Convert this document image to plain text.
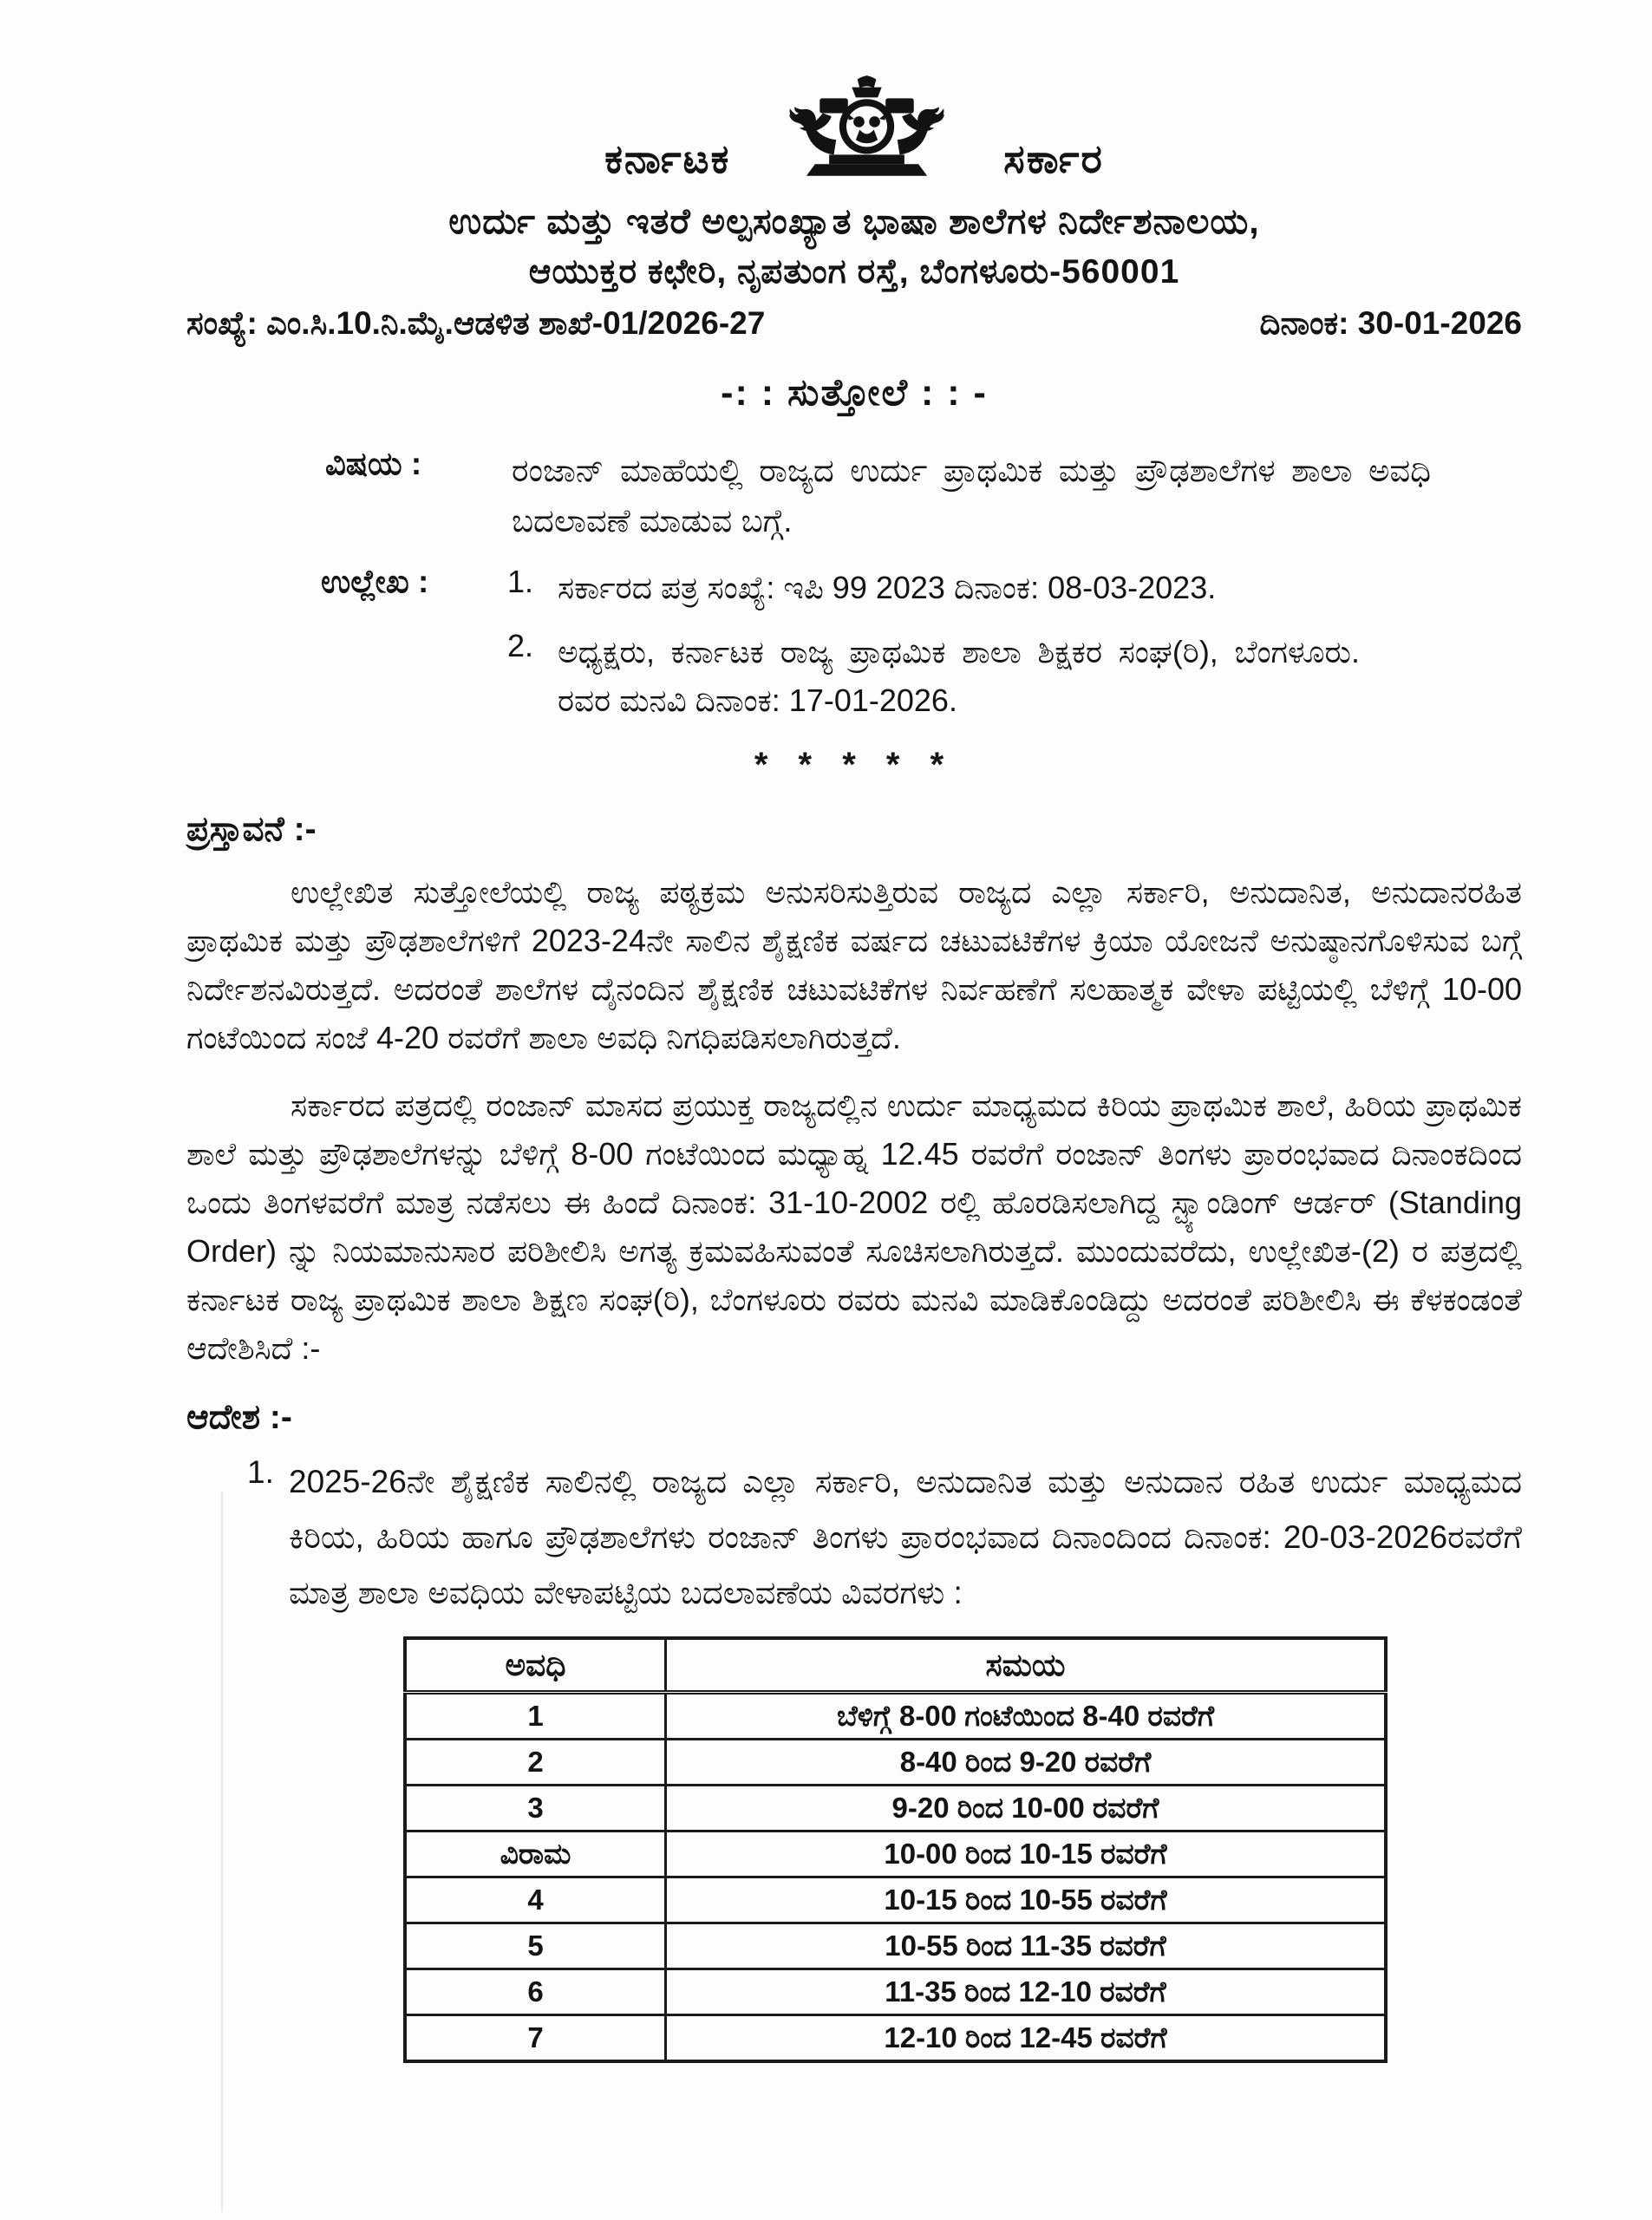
ಕರ್ನಾಟಕ	ಸರ್ಕಾರ
ಉರ್ದು ಮತ್ತು ಇತರೆ ಅಲ್ಪಸಂಖ್ಯಾತ ಭಾಷಾ ಶಾಲೆಗಳ ನಿರ್ದೇಶನಾಲಯ,
ಆಯುಕ್ತರ ಕಛೇರಿ, ನೃಪತುಂಗ ರಸ್ತೆ, ಬೆಂಗಳೂರು-560001
ಸಂಖ್ಯೆ: ಎಂ.ಸಿ.10.ನಿ.ಮೈ.ಆಡಳಿತ ಶಾಖೆ-01/2026-27	ದಿನಾಂಕ: 30-01-2026
-: : ಸುತ್ತೋಲೆ : : -
ವಿಷಯ :	ರಂಜಾನ್ ಮಾಹೆಯಲ್ಲಿ ರಾಜ್ಯದ ಉರ್ದು ಪ್ರಾಥಮಿಕ ಮತ್ತು ಪ್ರೌಢಶಾಲೆಗಳ ಶಾಲಾ ಅವಧಿ ಬದಲಾವಣೆ ಮಾಡುವ ಬಗ್ಗೆ.
ಉಲ್ಲೇಖ :	1. ಸರ್ಕಾರದ ಪತ್ರ ಸಂಖ್ಯೆ: ಇಪಿ 99 2023 ದಿನಾಂಕ: 08-03-2023.
2. ಅಧ್ಯಕ್ಷರು, ಕರ್ನಾಟಕ ರಾಜ್ಯ ಪ್ರಾಥಮಿಕ ಶಾಲಾ ಶಿಕ್ಷಕರ ಸಂಘ(ರಿ), ಬೆಂಗಳೂರು. ರವರ ಮನವಿ ದಿನಾಂಕ: 17-01-2026.
* * * * *
ಪ್ರಸ್ತಾವನೆ :-

ಉಲ್ಲೇಖಿತ ಸುತ್ತೋಲೆಯಲ್ಲಿ ರಾಜ್ಯ ಪಠ್ಯಕ್ರಮ ಅನುಸರಿಸುತ್ತಿರುವ ರಾಜ್ಯದ ಎಲ್ಲಾ ಸರ್ಕಾರಿ, ಅನುದಾನಿತ, ಅನುದಾನರಹಿತ ಪ್ರಾಥಮಿಕ ಮತ್ತು ಪ್ರೌಢಶಾಲೆಗಳಿಗೆ 2023-24ನೇ ಸಾಲಿನ ಶೈಕ್ಷಣಿಕ ವರ್ಷದ ಚಟುವಟಿಕೆಗಳ ಕ್ರಿಯಾ ಯೋಜನೆ ಅನುಷ್ಠಾನಗೊಳಿಸುವ ಬಗ್ಗೆ ನಿರ್ದೇಶನವಿರುತ್ತದೆ. ಅದರಂತೆ ಶಾಲೆಗಳ ದೈನಂದಿನ ಶೈಕ್ಷಣಿಕ ಚಟುವಟಿಕೆಗಳ ನಿರ್ವಹಣೆಗೆ ಸಲಹಾತ್ಮಕ ವೇಳಾ ಪಟ್ಟಿಯಲ್ಲಿ ಬೆಳಿಗ್ಗೆ 10-00 ಗಂಟೆಯಿಂದ ಸಂಜೆ 4-20 ರವರೆಗೆ ಶಾಲಾ ಅವಧಿ ನಿಗಧಿಪಡಿಸಲಾಗಿರುತ್ತದೆ.

ಸರ್ಕಾರದ ಪತ್ರದಲ್ಲಿ ರಂಜಾನ್ ಮಾಸದ ಪ್ರಯುಕ್ತ ರಾಜ್ಯದಲ್ಲಿನ ಉರ್ದು ಮಾಧ್ಯಮದ ಕಿರಿಯ ಪ್ರಾಥಮಿಕ ಶಾಲೆ, ಹಿರಿಯ ಪ್ರಾಥಮಿಕ ಶಾಲೆ ಮತ್ತು ಪ್ರೌಢಶಾಲೆಗಳನ್ನು ಬೆಳಿಗ್ಗೆ 8-00 ಗಂಟೆಯಿಂದ ಮಧ್ಯಾಹ್ನ 12.45 ರವರೆಗೆ ರಂಜಾನ್ ತಿಂಗಳು ಪ್ರಾರಂಭವಾದ ದಿನಾಂಕದಿಂದ ಒಂದು ತಿಂಗಳವರೆಗೆ ಮಾತ್ರ ನಡೆಸಲು ಈ ಹಿಂದೆ ದಿನಾಂಕ: 31-10-2002 ರಲ್ಲಿ ಹೊರಡಿಸಲಾಗಿದ್ದ ಸ್ಟ್ಯಾಂಡಿಂಗ್ ಆರ್ಡರ್ (Standing Order) ನ್ನು ನಿಯಮಾನುಸಾರ ಪರಿಶೀಲಿಸಿ ಅಗತ್ಯ ಕ್ರಮವಹಿಸುವಂತೆ ಸೂಚಿಸಲಾಗಿರುತ್ತದೆ. ಮುಂದುವರೆದು, ಉಲ್ಲೇಖಿತ-(2) ರ ಪತ್ರದಲ್ಲಿ ಕರ್ನಾಟಕ ರಾಜ್ಯ ಪ್ರಾಥಮಿಕ ಶಾಲಾ ಶಿಕ್ಷಣ ಸಂಘ(ರಿ), ಬೆಂಗಳೂರು ರವರು ಮನವಿ ಮಾಡಿಕೊಂಡಿದ್ದು ಅದರಂತೆ ಪರಿಶೀಲಿಸಿ ಈ ಕೆಳಕಂಡಂತೆ ಆದೇಶಿಸಿದೆ :-

ಆದೇಶ :-
1. 2025-26ನೇ ಶೈಕ್ಷಣಿಕ ಸಾಲಿನಲ್ಲಿ ರಾಜ್ಯದ ಎಲ್ಲಾ ಸರ್ಕಾರಿ, ಅನುದಾನಿತ ಮತ್ತು ಅನುದಾನ ರಹಿತ ಉರ್ದು ಮಾಧ್ಯಮದ ಕಿರಿಯ, ಹಿರಿಯ ಹಾಗೂ ಪ್ರೌಢಶಾಲೆಗಳು ರಂಜಾನ್ ತಿಂಗಳು ಪ್ರಾರಂಭವಾದ ದಿನಾಂದಿಂದ ದಿನಾಂಕ: 20-03-2026ರವರೆಗೆ ಮಾತ್ರ ಶಾಲಾ ಅವಧಿಯ ವೇಳಾಪಟ್ಟಿಯ ಬದಲಾವಣೆಯ ವಿವರಗಳು :
ಅವಧಿ	ಸಮಯ
1	ಬೆಳಿಗ್ಗೆ 8-00 ಗಂಟೆಯಿಂದ 8-40 ರವರೆಗೆ
2	8-40 ರಿಂದ 9-20 ರವರೆಗೆ
3	9-20 ರಿಂದ 10-00 ರವರೆಗೆ
ವಿರಾಮ	10-00 ರಿಂದ 10-15 ರವರೆಗೆ
4	10-15 ರಿಂದ 10-55 ರವರೆಗೆ
5	10-55 ರಿಂದ 11-35 ರವರೆಗೆ
6	11-35 ರಿಂದ 12-10 ರವರೆಗೆ
7	12-10 ರಿಂದ 12-45 ರವರೆಗೆ
